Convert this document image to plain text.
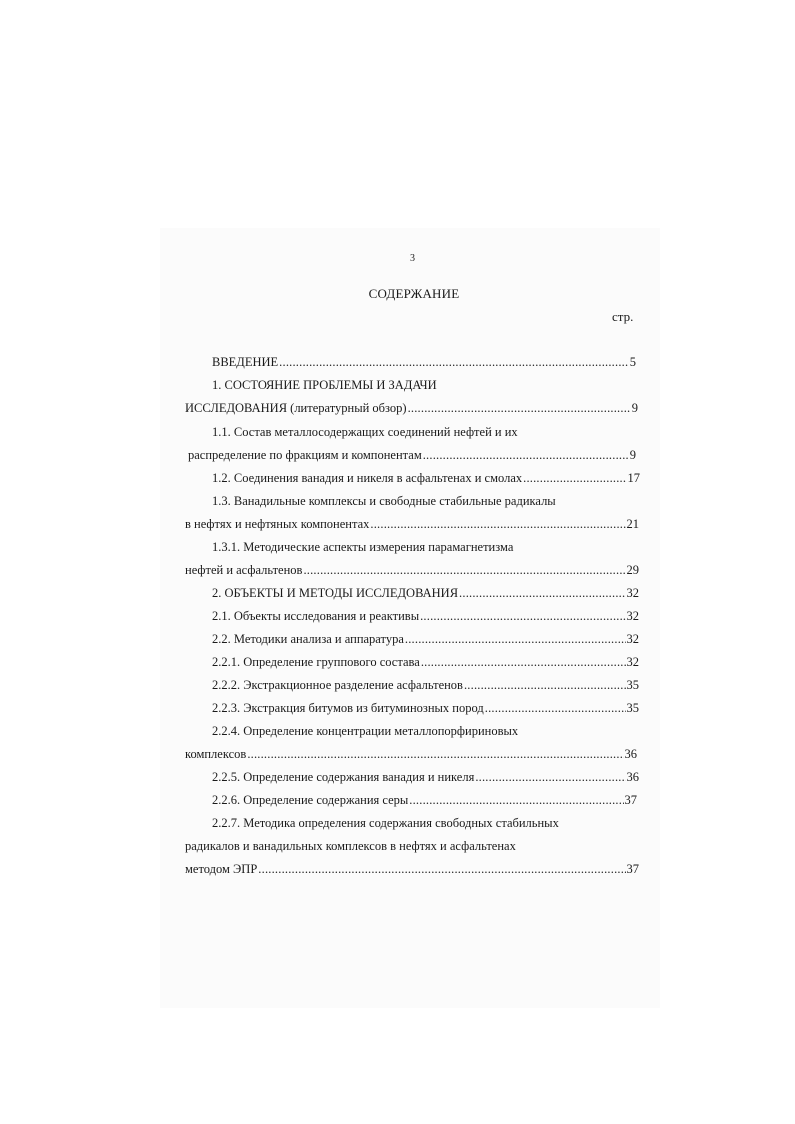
3
СОДЕРЖАНИЕ
стр.
ВВЕДЕНИЕ .....	5
1. СОСТОЯНИЕ ПРОБЛЕМЫ И ЗАДАЧИ
ИССЛЕДОВАНИЯ (литературный обзор) .....	9
1.1. Состав металлосодержащих соединений нефтей и их
распределение по фракциям и компонентам .....	9
1.2. Соединения ванадия и никеля в асфальтенах и смолах .....	17
1.3. Ванадильные комплексы и свободные стабильные радикалы
в нефтях и нефтяных компонентах .....	21
1.3.1. Методические аспекты измерения парамагнетизма
нефтей и асфальтенов .....	29
2. ОБЪЕКТЫ И МЕТОДЫ ИССЛЕДОВАНИЯ .....	32
2.1. Объекты исследования и реактивы .....	32
2.2. Методики анализа и аппаратура .....	32
2.2.1. Определение группового состава .....	32
2.2.2. Экстракционное разделение асфальтенов .....	35
2.2.3. Экстракция битумов из битуминозных пород .....	35
2.2.4. Определение концентрации металлопорфириновых
комплексов .....	36
2.2.5. Определение содержания ванадия и никеля .....	36
2.2.6. Определение содержания серы .....	37
2.2.7. Методика определения содержания свободных стабильных
радикалов и ванадильных комплексов в нефтях и асфальтенах
методом ЭПР .....	37
